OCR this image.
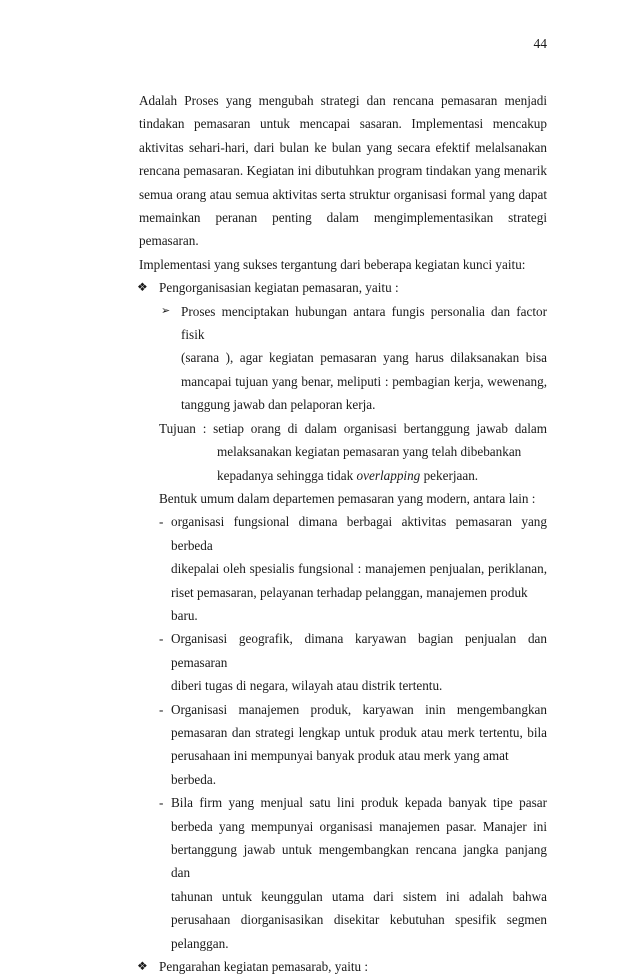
44
Adalah Proses yang mengubah strategi dan rencana pemasaran menjadi
tindakan pemasaran untuk mencapai sasaran. Implementasi mencakup
aktivitas sehari-hari, dari bulan ke bulan yang secara efektif melalsanakan
rencana pemasaran. Kegiatan ini dibutuhkan program tindakan yang menarik
semua orang atau semua aktivitas serta struktur organisasi formal yang dapat
memainkan peranan penting dalam mengimplementasikan strategi pemasaran.
Implementasi yang sukses tergantung dari beberapa kegiatan kunci yaitu:
❖ Pengorganisasian kegiatan pemasaran, yaitu :
➢ Proses menciptakan hubungan antara fungis personalia dan factor fisik
(sarana ), agar kegiatan pemasaran yang harus dilaksanakan bisa
mancapai tujuan yang benar, meliputi : pembagian kerja, wewenang,
tanggung jawab dan pelaporan kerja.
Tujuan : setiap orang di dalam organisasi bertanggung jawab dalam
melaksanakan kegiatan pemasaran yang telah dibebankan
kepadanya sehingga tidak overlapping pekerjaan.
Bentuk umum dalam departemen pemasaran yang modern, antara lain :
- organisasi fungsional dimana berbagai aktivitas pemasaran yang berbeda
dikepalai oleh spesialis fungsional : manajemen penjualan, periklanan,
riset pemasaran, pelayanan terhadap pelanggan, manajemen produk baru.
- Organisasi geografik, dimana karyawan bagian penjualan dan pemasaran
diberi tugas di negara, wilayah atau distrik tertentu.
- Organisasi manajemen produk, karyawan inin mengembangkan
pemasaran dan strategi lengkap untuk produk atau merk tertentu, bila
perusahaan ini mempunyai banyak produk atau merk yang amat berbeda.
- Bila firm yang menjual satu lini produk kepada banyak tipe pasar
berbeda yang mempunyai organisasi manajemen pasar. Manajer ini
bertanggung jawab untuk mengembangkan rencana jangka panjang dan
tahunan untuk keunggulan utama dari sistem ini adalah bahwa
perusahaan diorganisasikan disekitar kebutuhan spesifik segmen
pelanggan.
❖ Pengarahan kegiatan pemasarab, yaitu :
